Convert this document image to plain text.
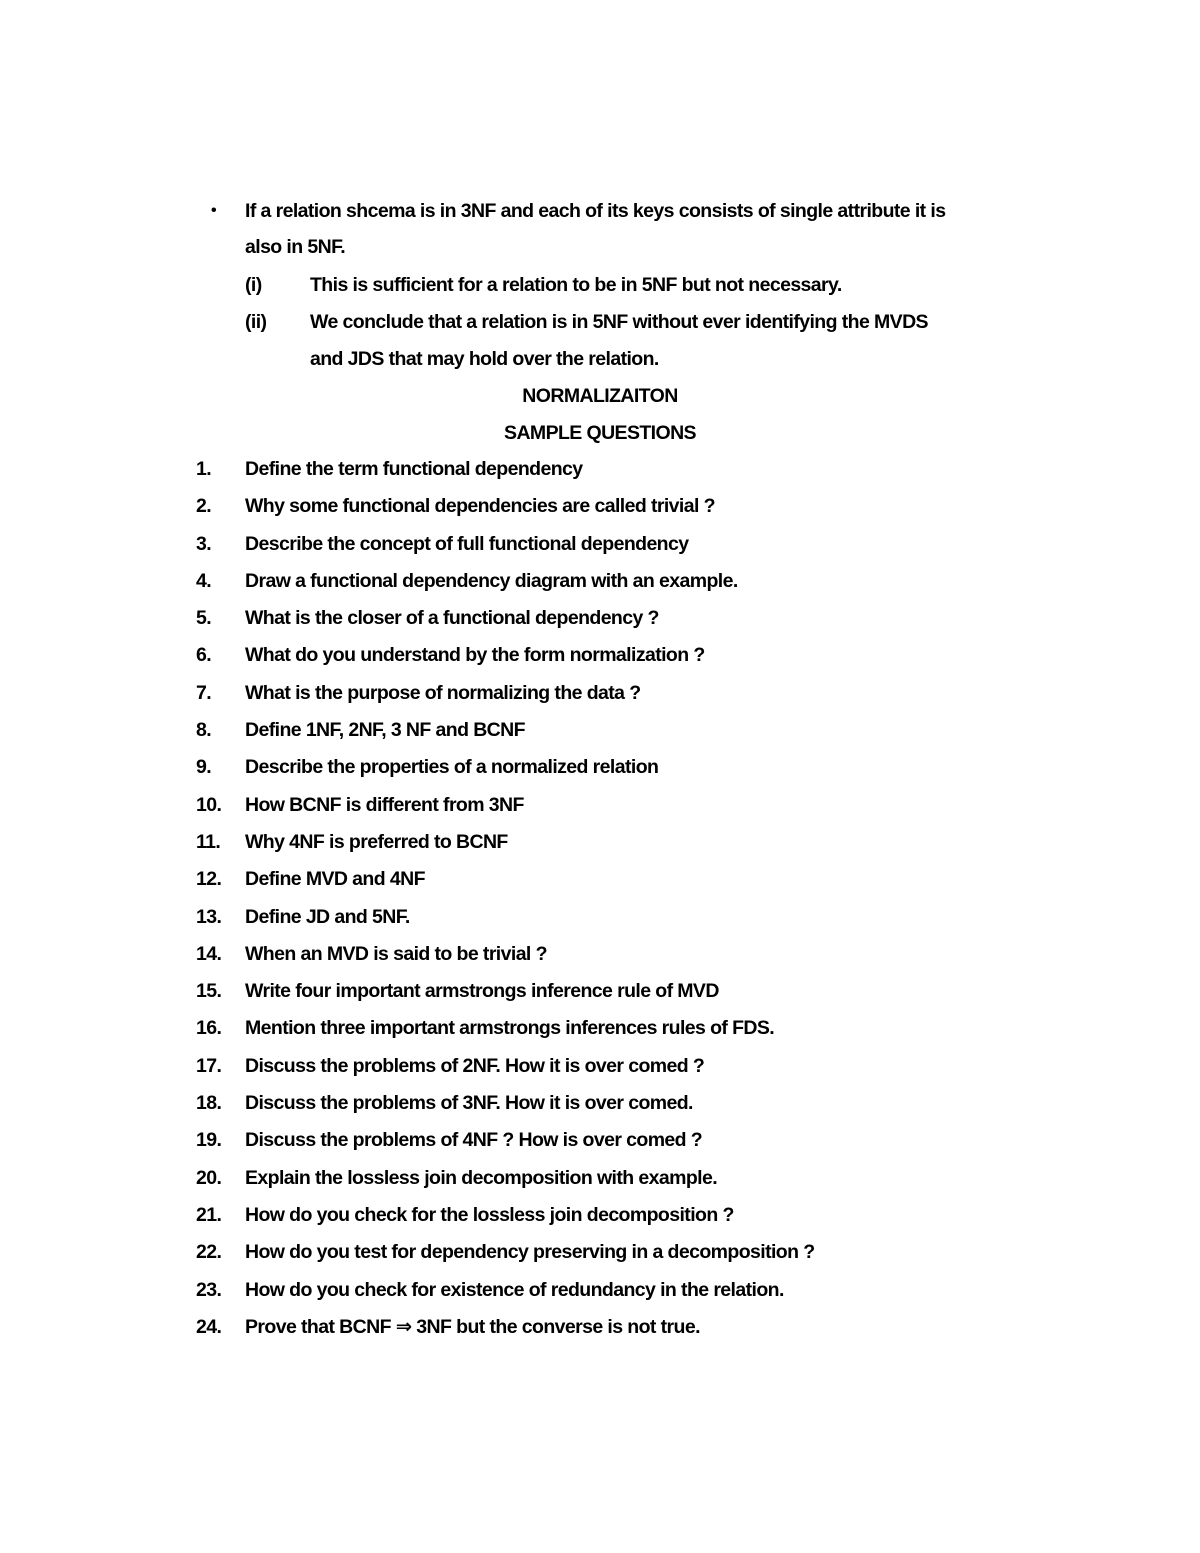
• If a relation shcema is in 3NF and each of its keys consists of single attribute it is
also in 5NF.
(i) This is sufficient for a relation to be in 5NF but not necessary.
(ii) We conclude that a relation is in 5NF without ever identifying the MVDS
and JDS that may hold over the relation.
NORMALIZAITON
SAMPLE QUESTIONS
1. Define the term functional dependency
2. Why some functional dependencies are called trivial ?
3. Describe the concept of full functional dependency
4. Draw a functional dependency diagram with an example.
5. What is the closer of a functional dependency ?
6. What do you understand by the form normalization ?
7. What is the purpose of normalizing the data ?
8. Define 1NF, 2NF, 3 NF and BCNF
9. Describe the properties of a normalized relation
10. How BCNF is different from 3NF
11. Why 4NF is preferred to BCNF
12. Define MVD and 4NF
13. Define JD and 5NF.
14. When an MVD is said to be trivial ?
15. Write four important armstrongs inference rule of MVD
16. Mention three important armstrongs inferences rules of FDS.
17. Discuss the problems of 2NF. How it is over comed ?
18. Discuss the problems of 3NF. How it is over comed.
19. Discuss the problems of 4NF ? How is over comed ?
20. Explain the lossless join decomposition with example.
21. How do you check for the lossless join decomposition ?
22. How do you test for dependency preserving in a decomposition ?
23. How do you check for existence of redundancy in the relation.
24. Prove that BCNF ⇒ 3NF but the converse is not true.
